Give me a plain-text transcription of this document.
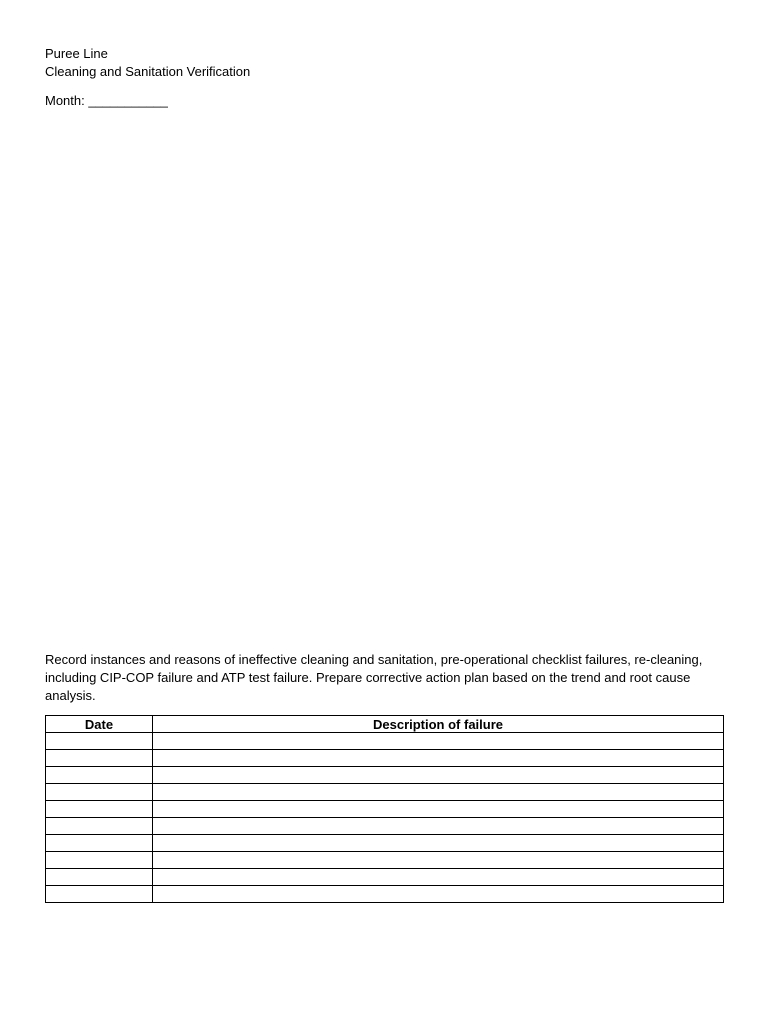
Puree Line
Cleaning and Sanitation Verification
Month: ___________

Record instances and reasons of ineffective cleaning and sanitation, pre-operational checklist failures, re-cleaning, including CIP-COP failure and ATP test failure. Prepare corrective action plan based on the trend and root cause analysis.

Date	Description of failure
